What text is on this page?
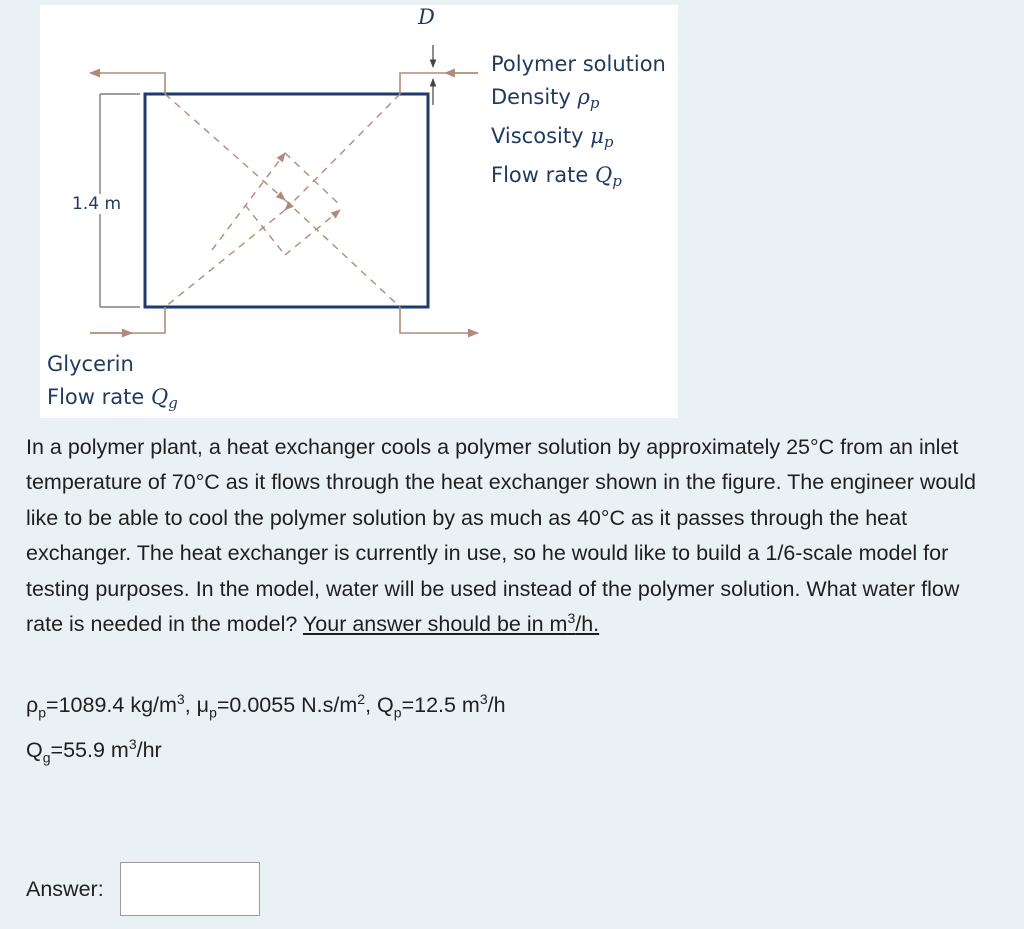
D
1.4 m
Polymer solution
Density ρp
Viscosity μp
Flow rate Qp
Glycerin
Flow rate Qg

In a polymer plant, a heat exchanger cools a polymer solution by approximately 25°C from an inlet temperature of 70°C as it flows through the heat exchanger shown in the figure. The engineer would like to be able to cool the polymer solution by as much as 40°C as it passes through the heat exchanger. The heat exchanger is currently in use, so he would like to build a 1/6-scale model for testing purposes. In the model, water will be used instead of the polymer solution. What water flow rate is needed in the model? Your answer should be in $m^3/h$.

$\rho_p=1089.4$ $kg/m^3$, $\mu_p=0.0055$ $N.s/m^2$, $Q_p=12.5$ $m^3/h$
$Q_g=55.9$ $m^3/hr$
Answer:
